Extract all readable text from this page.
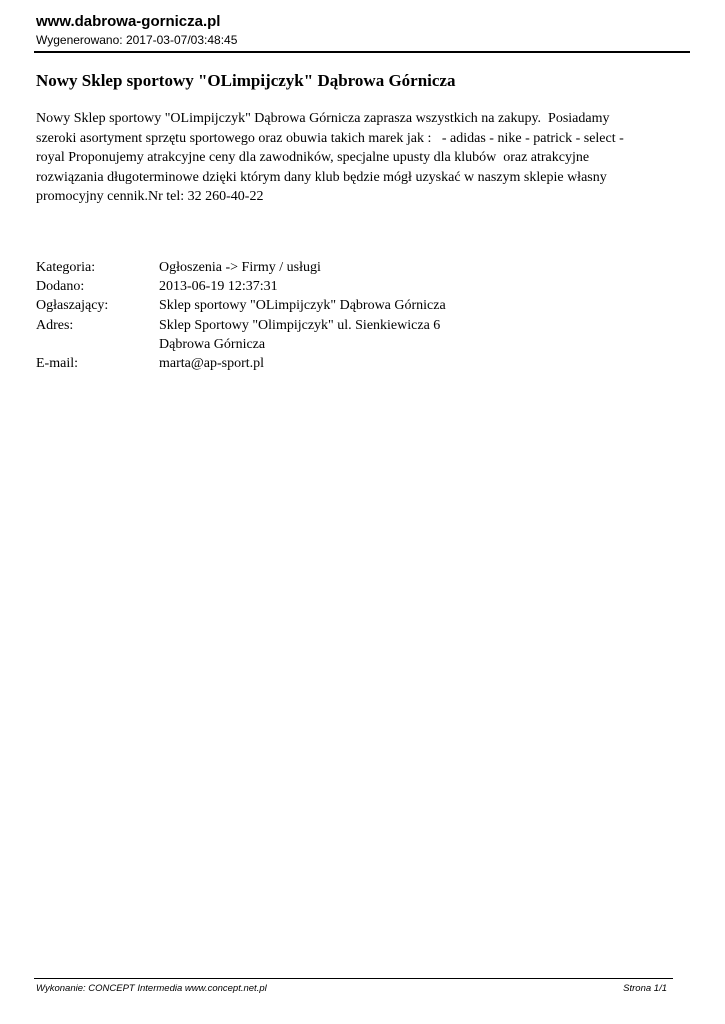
www.dabrowa-gornicza.pl
Wygenerowano: 2017-03-07/03:48:45
Nowy Sklep sportowy "OLimpijczyk" Dąbrowa Górnicza
Nowy Sklep sportowy "OLimpijczyk" Dąbrowa Górnicza zaprasza wszystkich na zakupy.  Posiadamy
szeroki asortyment sprzętu sportowego oraz obuwia takich marek jak :   - adidas - nike - patrick - select -
royal Proponujemy atrakcyjne ceny dla zawodników, specjalne upusty dla klubów  oraz atrakcyjne
rozwiązania długoterminowe dzięki którym dany klub będzie mógł uzyskać w naszym sklepie własny
promocyjny cennik.Nr tel: 32 260-40-22
Kategoria:	Ogłoszenia -> Firmy / usługi
Dodano:	2013-06-19 12:37:31
Ogłaszający:	Sklep sportowy "OLimpijczyk" Dąbrowa Górnicza
Adres:	Sklep Sportowy "Olimpijczyk" ul. Sienkiewicza 6
Dąbrowa Górnicza
E-mail:	marta@ap-sport.pl
Wykonanie: CONCEPT Intermedia www.concept.net.pl	Strona 1/1
